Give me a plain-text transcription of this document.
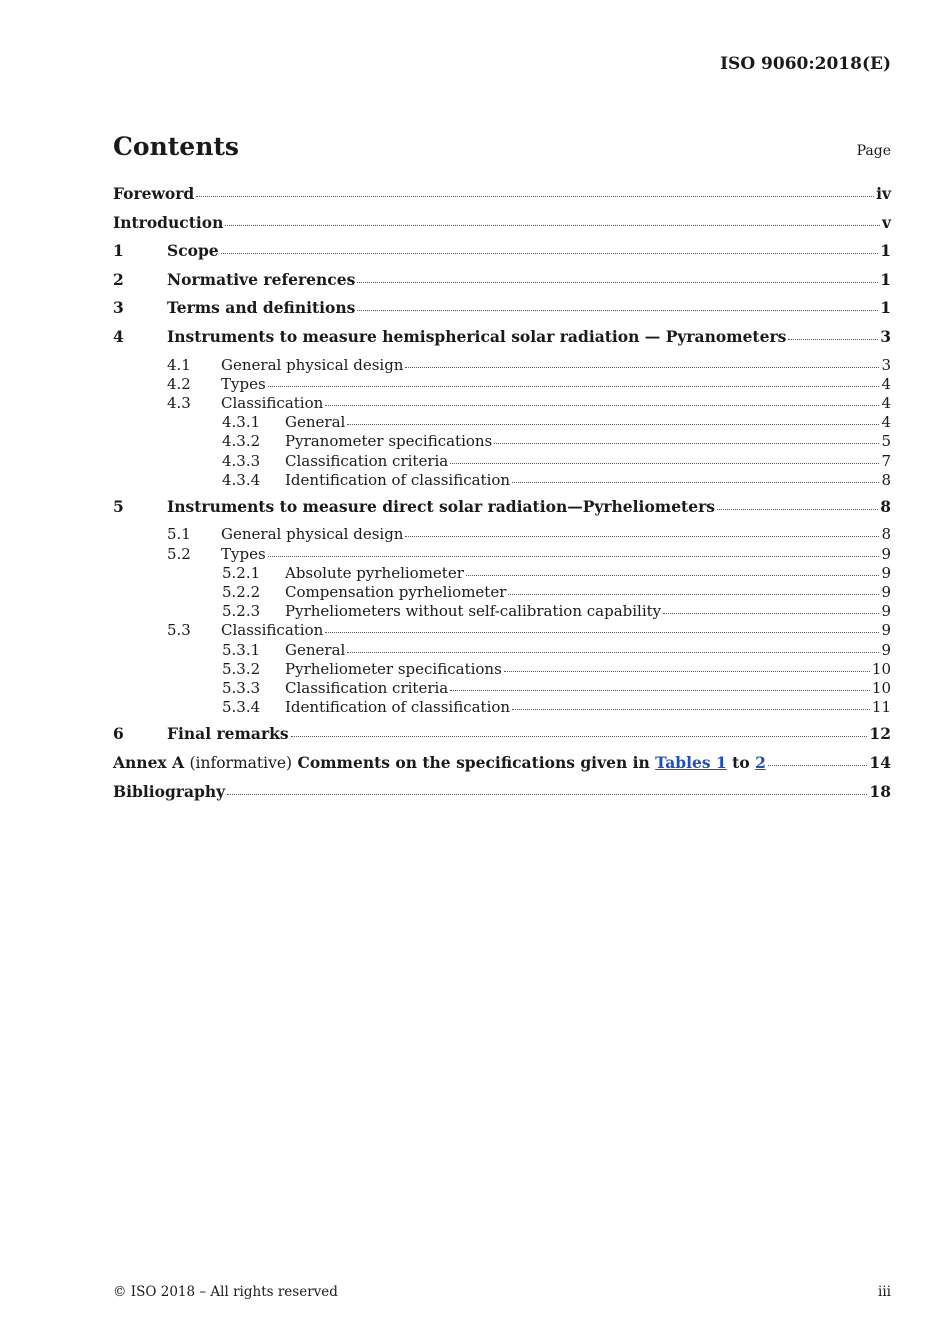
ISO 9060:2018(E)
Contents	Page
Foreword	iv
Introduction	v
1	Scope	1
2	Normative references	1
3	Terms and definitions	1
4	Instruments to measure hemispherical solar radiation — Pyranometers	3
4.1	General physical design	3
4.2	Types	4
4.3	Classification	4
4.3.1	General	4
4.3.2	Pyranometer specifications	5
4.3.3	Classification criteria	7
4.3.4	Identification of classification	8
5	Instruments to measure direct solar radiation—Pyrheliometers	8
5.1	General physical design	8
5.2	Types	9
5.2.1	Absolute pyrheliometer	9
5.2.2	Compensation pyrheliometer	9
5.2.3	Pyrheliometers without self-calibration capability	9
5.3	Classification	9
5.3.1	General	9
5.3.2	Pyrheliometer specifications	10
5.3.3	Classification criteria	10
5.3.4	Identification of classification	11
6	Final remarks	12
Annex A (informative) Comments on the specifications given in Tables 1 to 2	14
Bibliography	18
© ISO 2018 – All rights reserved	iii
